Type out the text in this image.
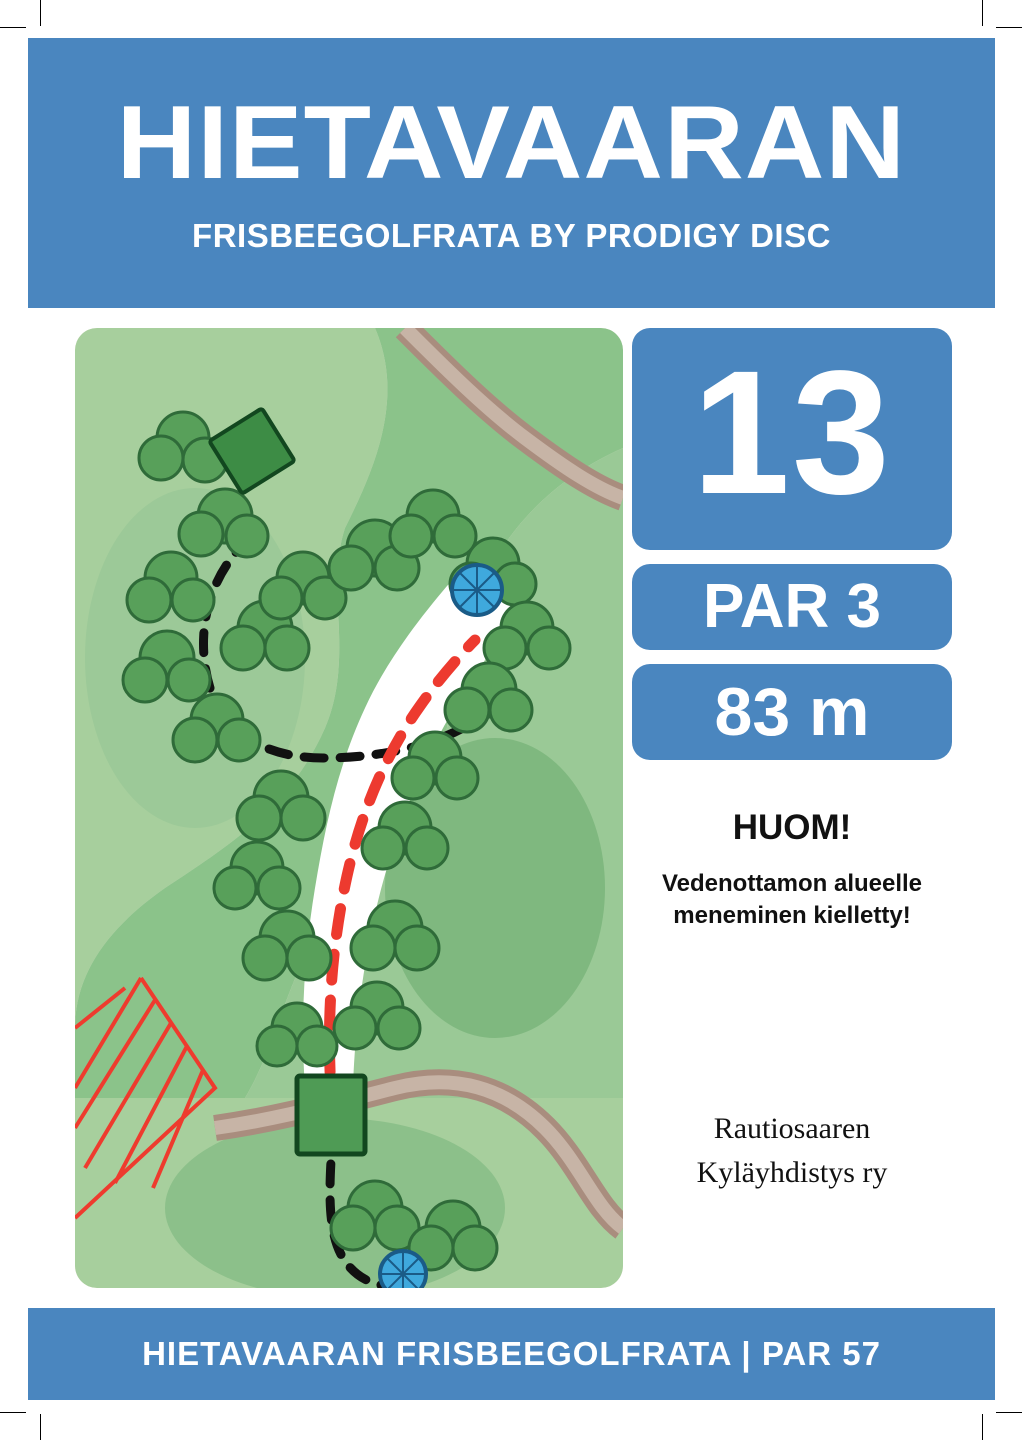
HIETAVAARAN
FRISBEEGOLFRATA BY PRODIGY DISC
13
PAR 3
83 m
HUOM!
Vedenottamon alueelle meneminen kielletty!
Rautiosaaren
Kyläyhdistys ry
HIETAVAARAN FRISBEEGOLFRATA | PAR 57
